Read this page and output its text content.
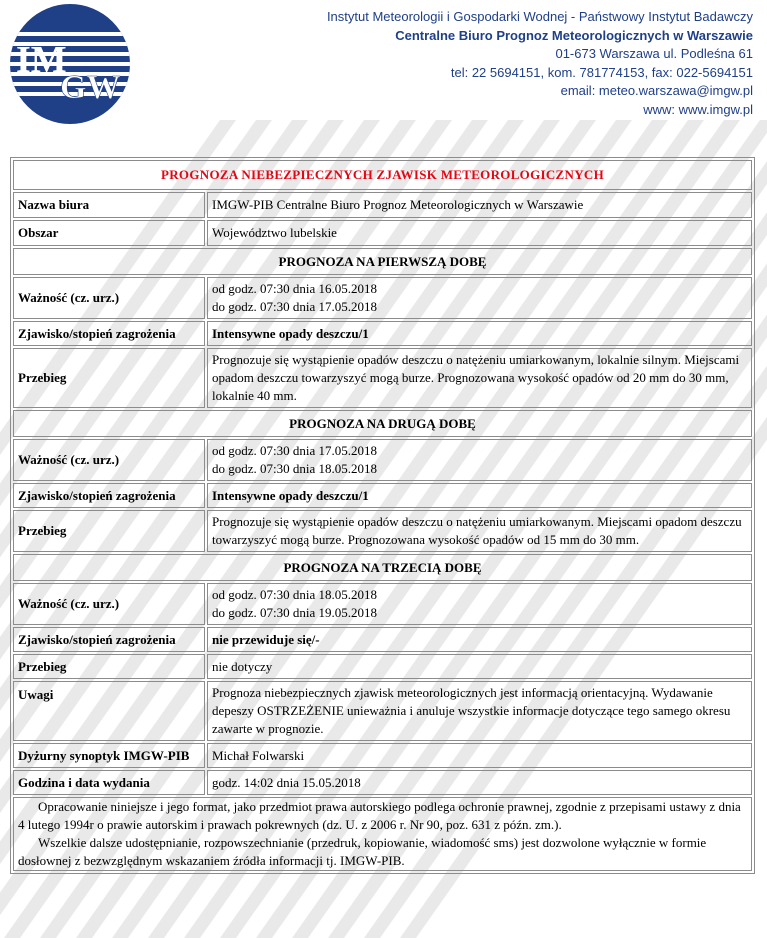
IM
GW
Instytut Meteorologii i Gospodarki Wodnej - Państwowy Instytut Badawczy
Centralne Biuro Prognoz Meteorologicznych w Warszawie
01-673 Warszawa ul. Podleśna 61
tel: 22 5694151, kom. 781774153, fax: 022-5694151
email: meteo.warszawa@imgw.pl
www: www.imgw.pl
PROGNOZA NIEBEZPIECZNYCH ZJAWISK METEOROLOGICZNYCH	
Nazwa biura	IMGW-PIB Centralne Biuro Prognoz Meteorologicznych w Warszawie
Obszar	Województwo lubelskie
PROGNOZA NA PIERWSZĄ DOBĘ	
Ważność (cz. urz.)	od godz. 07:30 dnia 16.05.2018
do godz. 07:30 dnia 17.05.2018

Zjawisko/stopień zagrożenia	Intensywne opady deszczu/1
Przebieg	Prognozuje się wystąpienie opadów deszczu o natężeniu umiarkowanym, lokalnie silnym. Miejscami opadom deszczu towarzyszyć mogą burze. Prognozowana wysokość opadów od 20 mm do 30 mm, lokalnie 40 mm.
PROGNOZA NA DRUGĄ DOBĘ	
Ważność (cz. urz.)	od godz. 07:30 dnia 17.05.2018
do godz. 07:30 dnia 18.05.2018

Zjawisko/stopień zagrożenia	Intensywne opady deszczu/1
Przebieg	Prognozuje się wystąpienie opadów deszczu o natężeniu umiarkowanym. Miejscami opadom deszczu towarzyszyć mogą burze. Prognozowana wysokość opadów od 15 mm do 30 mm.
PROGNOZA NA TRZECIĄ DOBĘ	
Ważność (cz. urz.)	od godz. 07:30 dnia 18.05.2018
do godz. 07:30 dnia 19.05.2018

Zjawisko/stopień zagrożenia	nie przewiduje się/-
Przebieg	nie dotyczy
Uwagi	Prognoza niebezpiecznych zjawisk meteorologicznych jest informacją orientacyjną. Wydawanie depeszy OSTRZEŻENIE unieważnia i anuluje wszystkie informacje dotyczące tego samego okresu zawarte w prognozie.
Dyżurny synoptyk IMGW-PIB	Michał Folwarski
Godzina i data wydania	godz. 14:02 dnia 15.05.2018

Opracowanie niniejsze i jego format, jako przedmiot prawa autorskiego podlega ochronie prawnej, zgodnie z przepisami ustawy z dnia 4 lutego 1994r o prawie autorskim i prawach pokrewnych (dz. U. z 2006 r. Nr 90, poz. 631 z późn. zm.).
Wszelkie dalsze udostępnianie, rozpowszechnianie (przedruk, kopiowanie, wiadomość sms) jest dozwolone wyłącznie w formie dosłownej z bezwzględnym wskazaniem źródła informacji tj. IMGW-PIB.	
